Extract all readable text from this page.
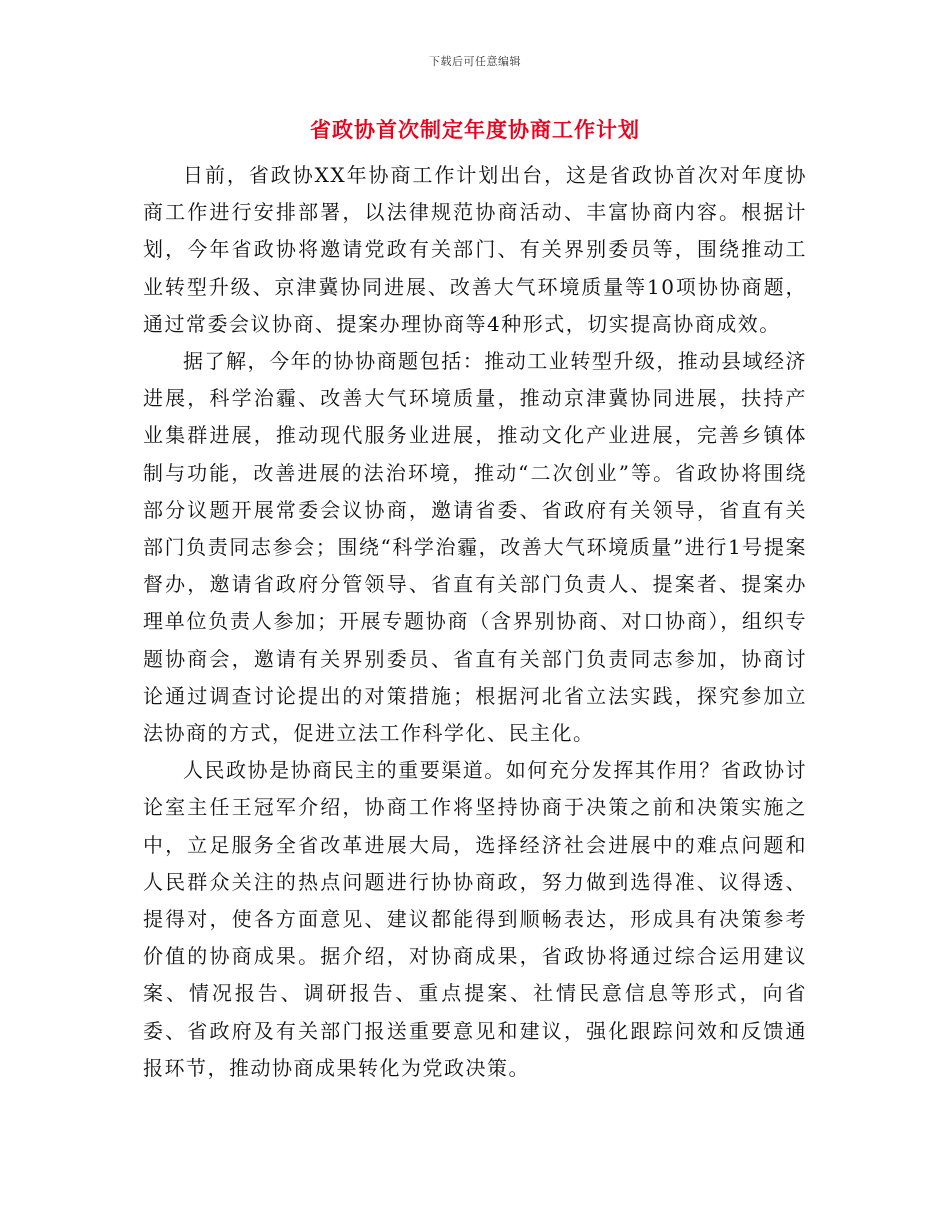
下载后可任意编辑
省政协首次制定年度协商工作计划

日前，省政协XX年协商工作计划出台，这是省政协首次对年度协商工作进行安排部署，以法律规范协商活动、丰富协商内容。根据计划，今年省政协将邀请党政有关部门、有关界别委员等，围绕推动工业转型升级、京津冀协同进展、改善大气环境质量等10项协协商题，通过常委会议协商、提案办理协商等4种形式，切实提高协商成效。

据了解，今年的协协商题包括：推动工业转型升级，推动县域经济进展，科学治霾、改善大气环境质量，推动京津冀协同进展，扶持产业集群进展，推动现代服务业进展，推动文化产业进展，完善乡镇体制与功能，改善进展的法治环境，推动“二次创业”等。省政协将围绕部分议题开展常委会议协商，邀请省委、省政府有关领导，省直有关部门负责同志参会；围绕“科学治霾，改善大气环境质量”进行1号提案督办，邀请省政府分管领导、省直有关部门负责人、提案者、提案办理单位负责人参加；开展专题协商（含界别协商、对口协商），组织专题协商会，邀请有关界别委员、省直有关部门负责同志参加，协商讨论通过调查讨论提出的对策措施；根据河北省立法实践，探究参加立法协商的方式，促进立法工作科学化、民主化。

人民政协是协商民主的重要渠道。如何充分发挥其作用？省政协讨论室主任王冠军介绍，协商工作将坚持协商于决策之前和决策实施之中，立足服务全省改革进展大局，选择经济社会进展中的难点问题和人民群众关注的热点问题进行协协商政，努力做到选得准、议得透、提得对，使各方面意见、建议都能得到顺畅表达，形成具有决策参考价值的协商成果。据介绍，对协商成果，省政协将通过综合运用建议案、情况报告、调研报告、重点提案、社情民意信息等形式，向省委、省政府及有关部门报送重要意见和建议，强化跟踪问效和反馈通报环节，推动协商成果转化为党政决策。
